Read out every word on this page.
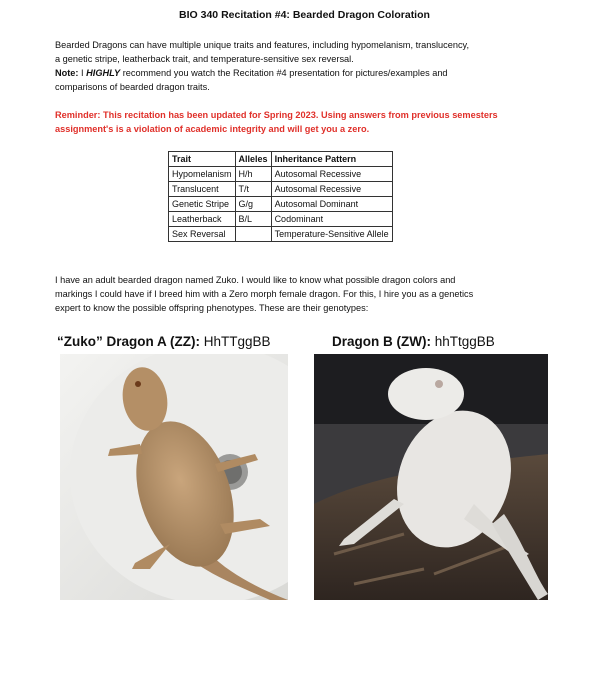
BIO 340 Recitation #4: Bearded Dragon Coloration
Bearded Dragons can have multiple unique traits and features, including hypomelanism, translucency,
a genetic stripe, leatherback trait, and temperature-sensitive sex reversal.
Note: I HIGHLY recommend you watch the Recitation #4 presentation for pictures/examples and
comparisons of bearded dragon traits.
Reminder: This recitation has been updated for Spring 2023. Using answers from previous semesters
assignment's is a violation of academic integrity and will get you a zero.
Trait	Alleles	Inheritance Pattern
Hypomelanism	H/h	Autosomal Recessive
Translucent	T/t	Autosomal Recessive
Genetic Stripe	G/g	Autosomal Dominant
Leatherback	B/L	Codominant
Sex Reversal		Temperature-Sensitive Allele
I have an adult bearded dragon named Zuko. I would like to know what possible dragon colors and
markings I could have if I breed him with a Zero morph female dragon. For this, I hire you as a genetics
expert to know the possible offspring phenotypes. These are their genotypes:
“Zuko” Dragon A (ZZ): HhTTggBB	Dragon B (ZW): hhTtggBB
